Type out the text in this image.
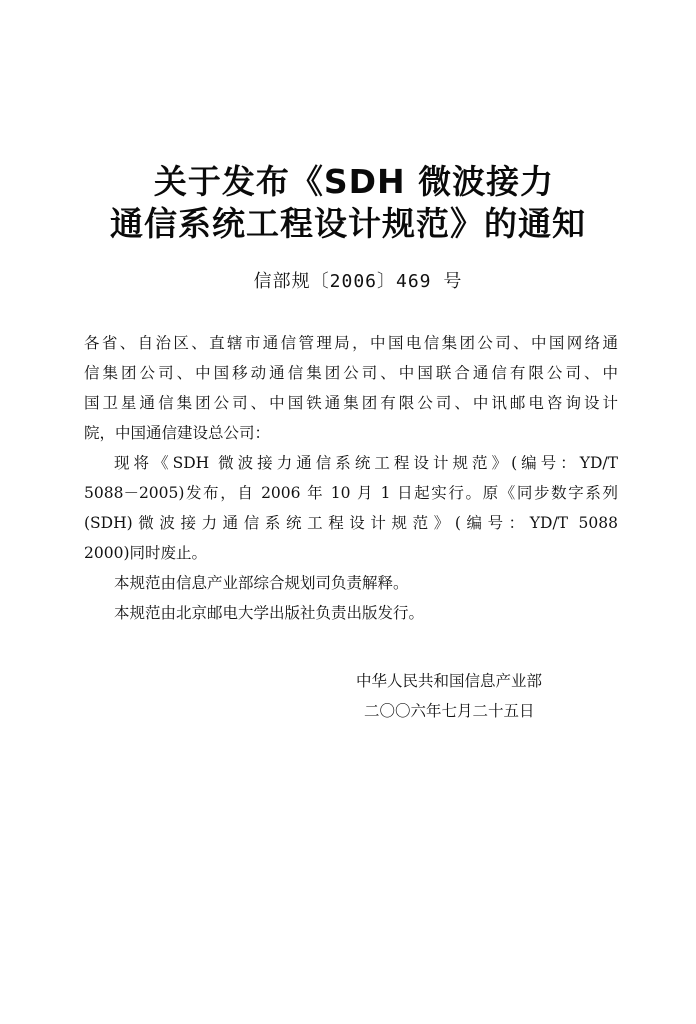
关于发布《SDH 微波接力
通信系统工程设计规范》的通知
信部规〔2006〕469 号
各省、自治区、直辖市通信管理局，中国电信集团公司、中国网络通
信集团公司、中国移动通信集团公司、中国联合通信有限公司、中
国卫星通信集团公司、中国铁通集团有限公司、中讯邮电咨询设计
院，中国通信建设总公司：
现将《SDH 微波接力通信系统工程设计规范》(编号：YD/T
5088－2005)发布，自 2006 年 10 月 1 日起实行。原《同步数字系列
(SDH)微波接力通信系统工程设计规范》(编号：YD/T 5088
2000)同时废止。
本规范由信息产业部综合规划司负责解释。
本规范由北京邮电大学出版社负责出版发行。
中华人民共和国信息产业部
二〇〇六年七月二十五日
